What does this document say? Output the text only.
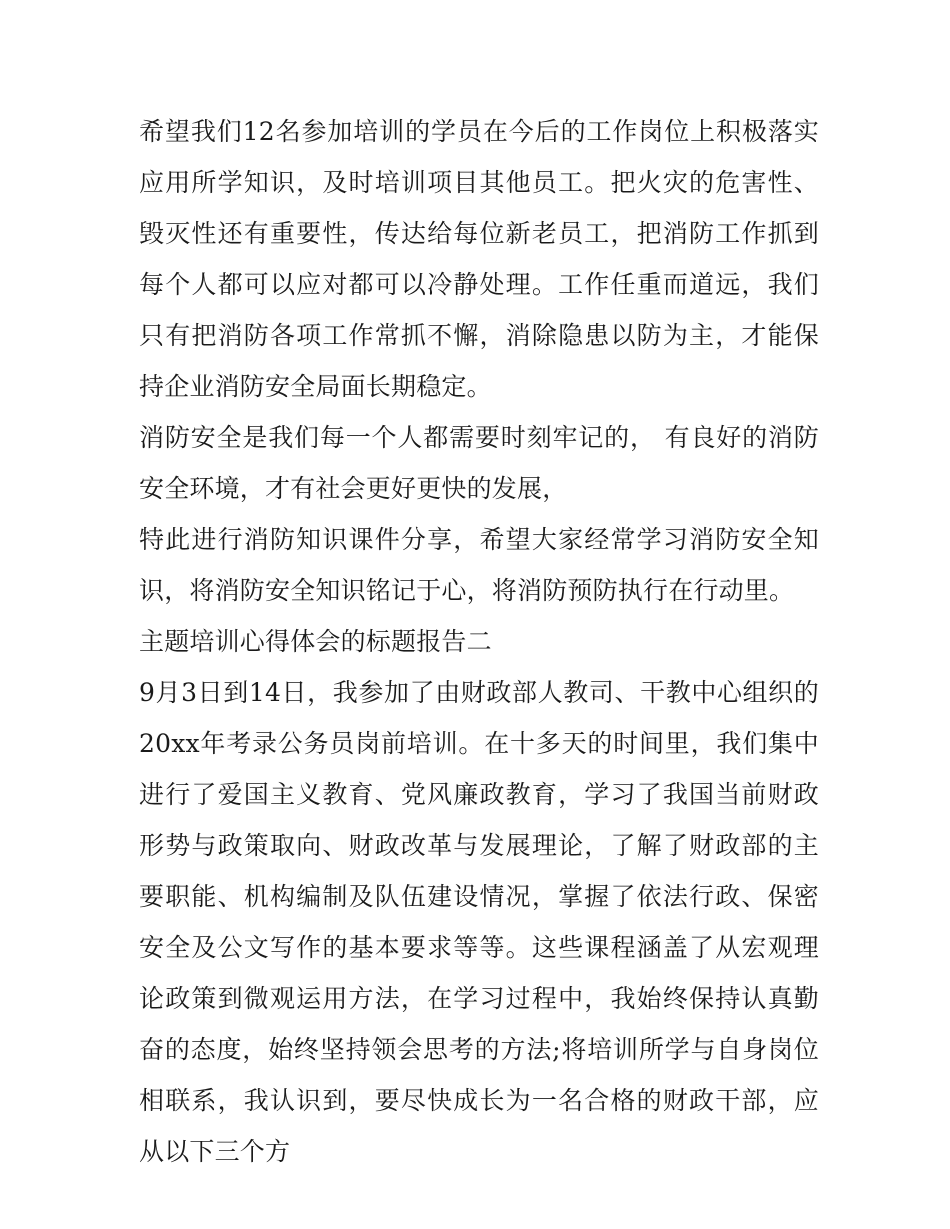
希望我们12名参加培训的学员在今后的工作岗位上积极落实应用所学知识，及时培训项目其他员工。把火灾的危害性、毁灭性还有重要性，传达给每位新老员工，把消防工作抓到每个人都可以应对都可以冷静处理。工作任重而道远，我们只有把消防各项工作常抓不懈，消除隐患以防为主，才能保持企业消防安全局面长期稳定。

消防安全是我们每一个人都需要时刻牢记的， 有良好的消防安全环境，才有社会更好更快的发展，

特此进行消防知识课件分享，希望大家经常学习消防安全知识，将消防安全知识铭记于心，将消防预防执行在行动里。

主题培训心得体会的标题报告二

9月3日到14日，我参加了由财政部人教司、干教中心组织的20xx年考录公务员岗前培训。在十多天的时间里，我们集中进行了爱国主义教育、党风廉政教育，学习了我国当前财政形势与政策取向、财政改革与发展理论，了解了财政部的主要职能、机构编制及队伍建设情况，掌握了依法行政、保密安全及公文写作的基本要求等等。这些课程涵盖了从宏观理论政策到微观运用方法，在学习过程中，我始终保持认真勤奋的态度，始终坚持领会思考的方法;将培训所学与自身岗位相联系，我认识到，要尽快成长为一名合格的财政干部，应从以下三个方
